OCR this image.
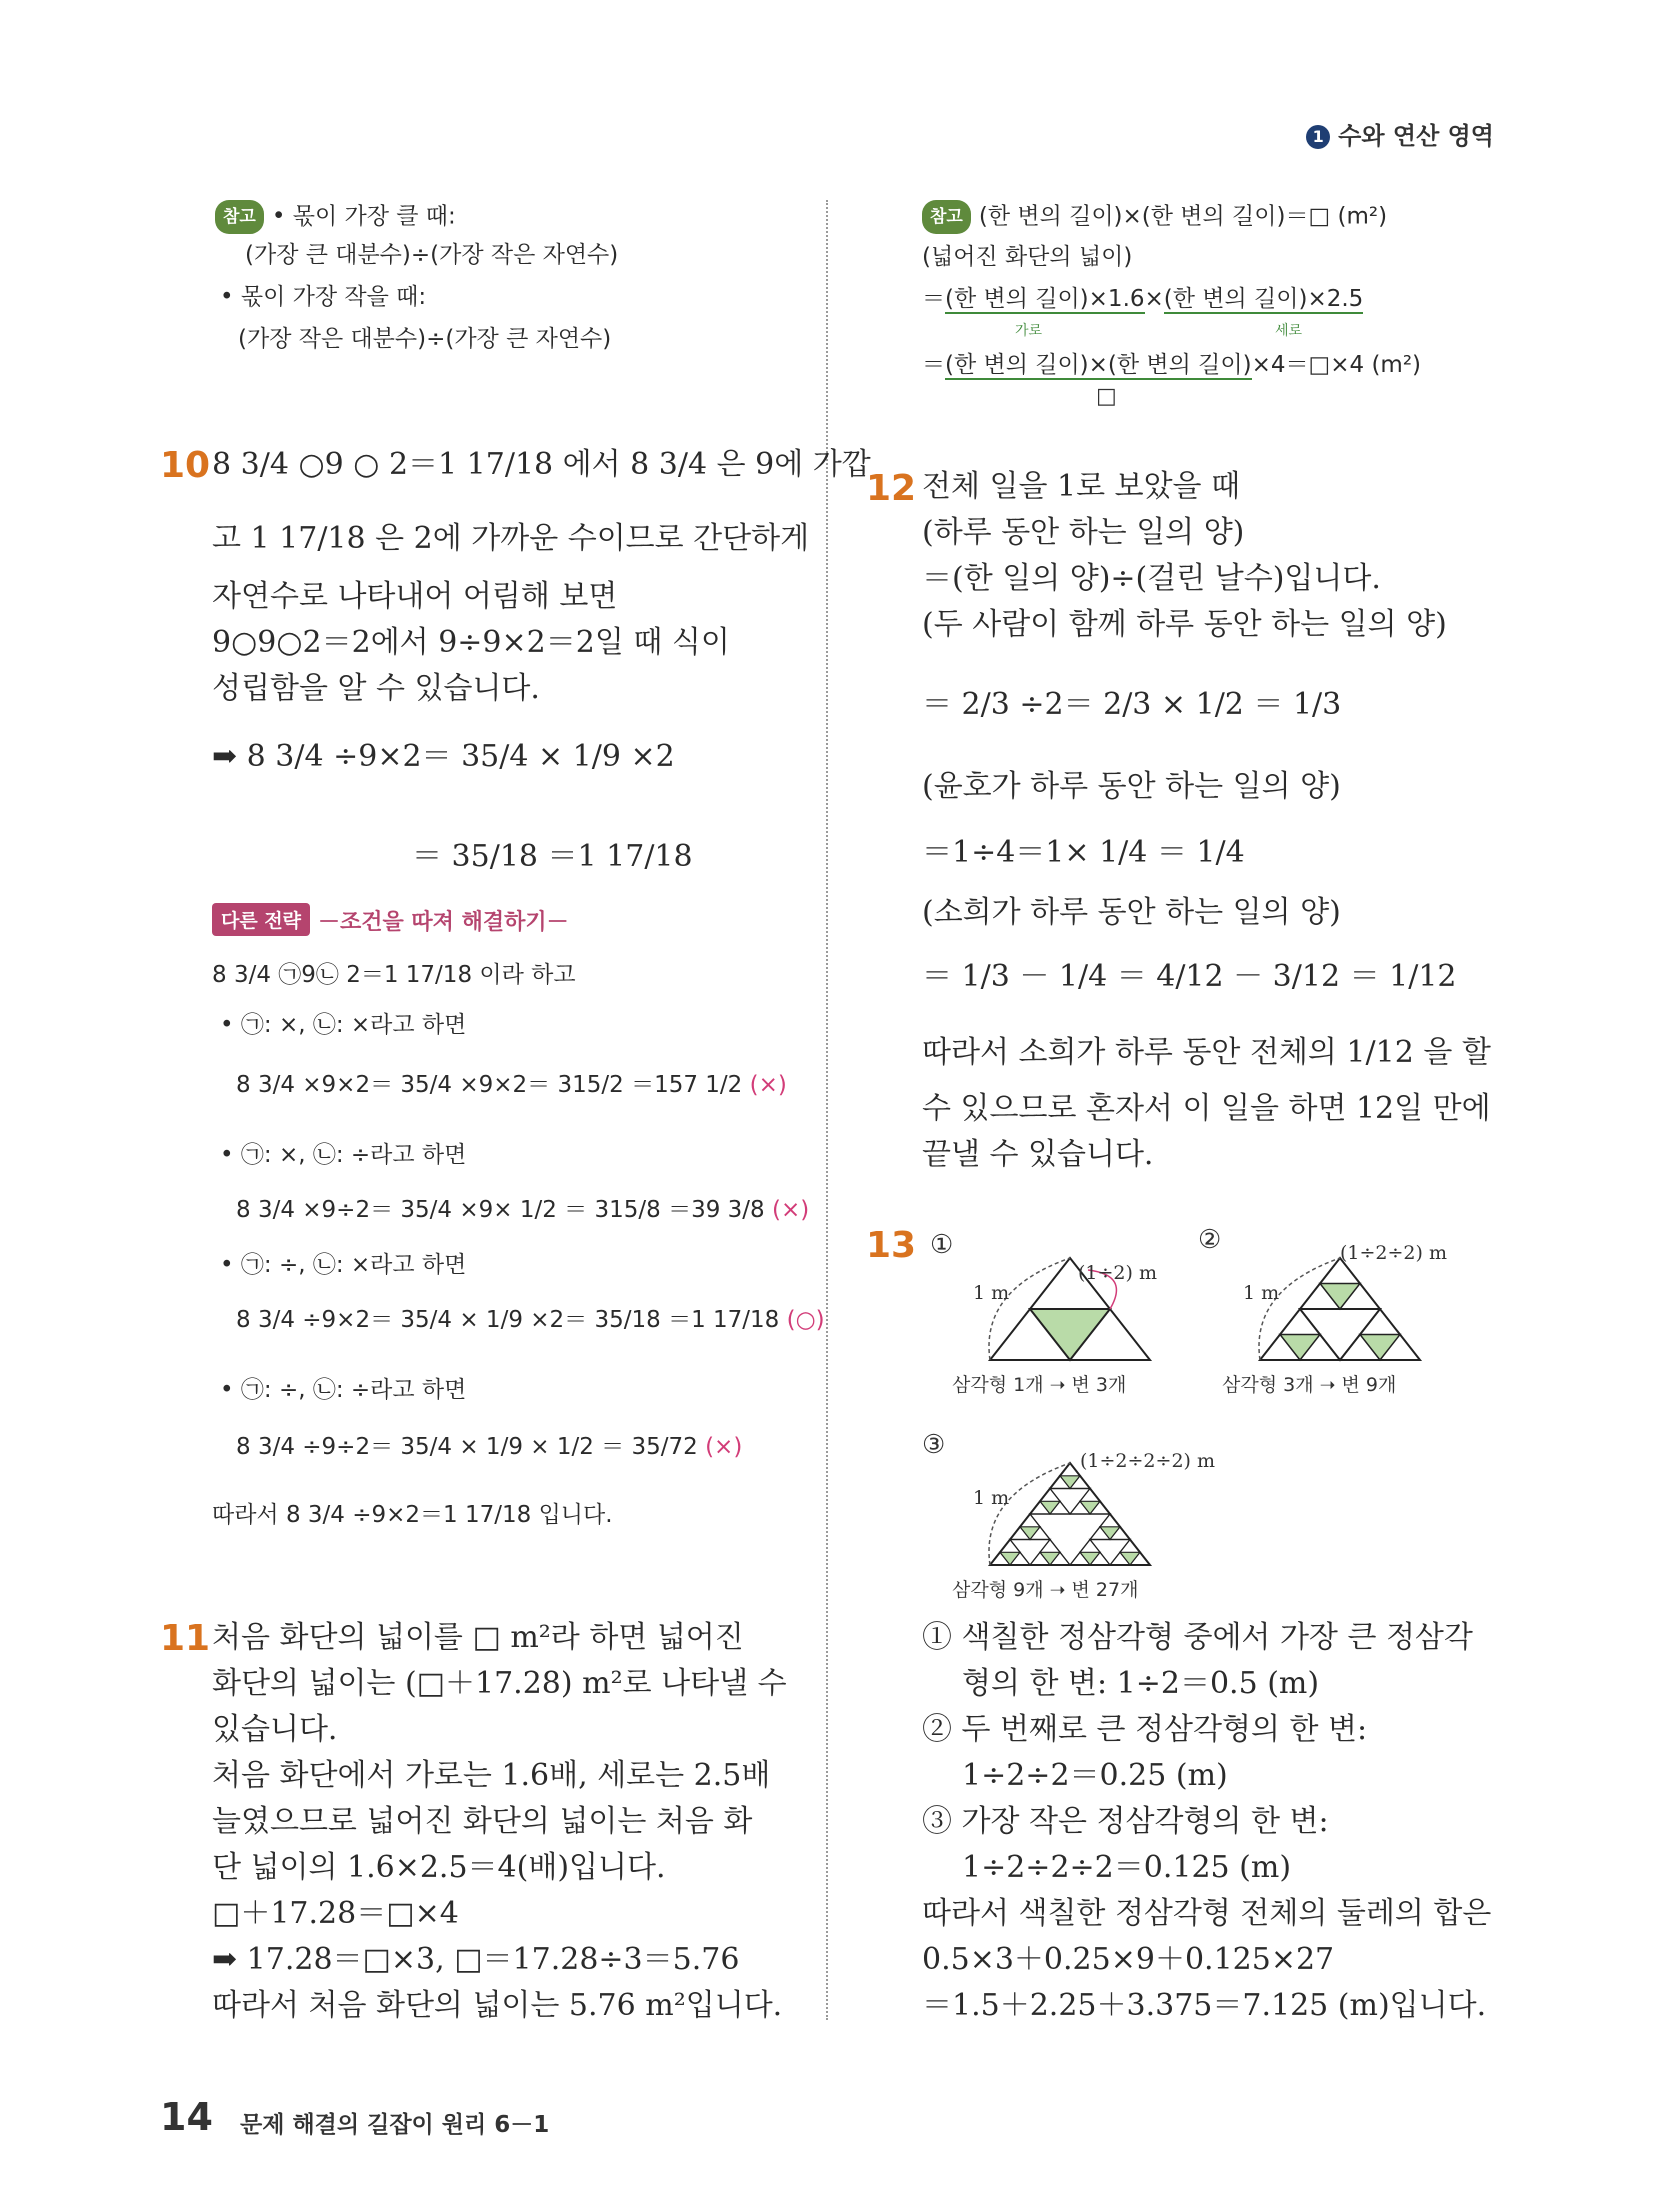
1 수와 연산 영역
참고 • 몫이 가장 클 때:
(가장 큰 대분수)÷(가장 작은 자연수)
• 몫이 가장 작을 때:
(가장 작은 대분수)÷(가장 큰 자연수)
10 8 3/4 ○9 ○ 2＝1 17/18 에서 8 3/4 은 9에 가깝
고 1 17/18 은 2에 가까운 수이므로 간단하게
자연수로 나타내어 어림해 보면
9○9○2＝2에서 9÷9×2＝2일 때 식이
성립함을 알 수 있습니다.
➡ 8 3/4 ÷9×2＝ 35/4 × 1/9 ×2
＝ 35/18 ＝1 17/18
다른 전략 －조건을 따져 해결하기－
8 3/4 ㉠9㉡ 2＝1 17/18 이라 하고
• ㉠: ×, ㉡: ×라고 하면
8 3/4 ×9×2＝ 35/4 ×9×2＝ 315/2 ＝157 1/2 (×)
• ㉠: ×, ㉡: ÷라고 하면
8 3/4 ×9÷2＝ 35/4 ×9× 1/2 ＝ 315/8 ＝39 3/8 (×)
• ㉠: ÷, ㉡: ×라고 하면
8 3/4 ÷9×2＝ 35/4 × 1/9 ×2＝ 35/18 ＝1 17/18 (○)
• ㉠: ÷, ㉡: ÷라고 하면
8 3/4 ÷9÷2＝ 35/4 × 1/9 × 1/2 ＝ 35/72 (×)
따라서 8 3/4 ÷9×2＝1 17/18 입니다.
11 처음 화단의 넓이를 □ m²라 하면 넓어진
화단의 넓이는 (□＋17.28) m²로 나타낼 수
있습니다.
처음 화단에서 가로는 1.6배, 세로는 2.5배
늘였으므로 넓어진 화단의 넓이는 처음 화
단 넓이의 1.6×2.5＝4(배)입니다.
□＋17.28＝□×4
➡ 17.28＝□×3, □＝17.28÷3＝5.76
따라서 처음 화단의 넓이는 5.76 m²입니다.
참고 (한 변의 길이)×(한 변의 길이)＝□ (m²)
(넓어진 화단의 넓이)
＝(한 변의 길이)×1.6×(한 변의 길이)×2.5
가로	세로
＝(한 변의 길이)×(한 변의 길이)×4＝□×4 (m²)
□
12 전체 일을 1로 보았을 때
(하루 동안 하는 일의 양)
＝(한 일의 양)÷(걸린 날수)입니다.
(두 사람이 함께 하루 동안 하는 일의 양)
＝ 2/3 ÷2＝ 2/3 × 1/2 ＝ 1/3
(윤호가 하루 동안 하는 일의 양)
＝1÷4＝1× 1/4 ＝ 1/4
(소희가 하루 동안 하는 일의 양)
＝ 1/3 － 1/4 ＝ 4/12 － 3/12 ＝ 1/12
따라서 소희가 하루 동안 전체의 1/12 을 할
수 있으므로 혼자서 이 일을 하면 12일 만에
끝낼 수 있습니다.
13 ①
1 m
(1÷2) m
삼각형 1개 ➝ 변 3개
②
1 m
(1÷2÷2) m
삼각형 3개 ➝ 변 9개
③
1 m
(1÷2÷2÷2) m
삼각형 9개 ➝ 변 27개
① 색칠한 정삼각형 중에서 가장 큰 정삼각
형의 한 변: 1÷2＝0.5 (m)
② 두 번째로 큰 정삼각형의 한 변:
1÷2÷2＝0.25 (m)
③ 가장 작은 정삼각형의 한 변:
1÷2÷2÷2＝0.125 (m)
따라서 색칠한 정삼각형 전체의 둘레의 합은
0.5×3＋0.25×9＋0.125×27
＝1.5＋2.25＋3.375＝7.125 (m)입니다.
14 문제 해결의 길잡이 원리 6－1
